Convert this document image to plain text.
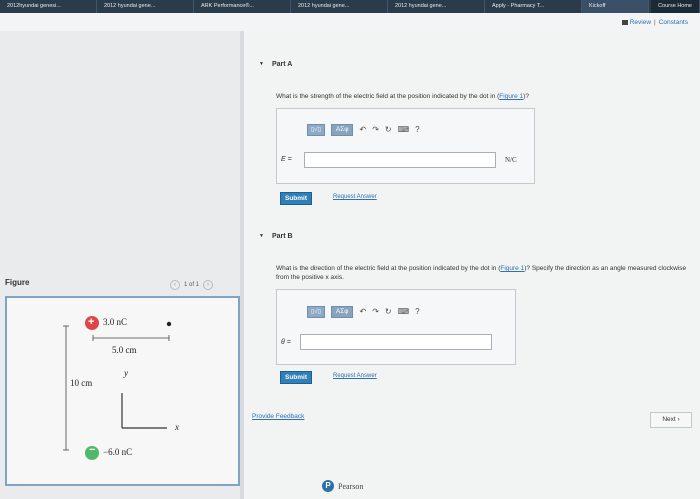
2012hyundai genesi...	2012 hyundai gene...	ARK Performance®...	2012 hyundai gene...	2012 hyundai gene...	Apply - Pharmacy T...	Kickoff	Course Home
Review | Constants
Figure	‹	1 of 1	›
+ 3.0 nC
5.0 cm
10 cm
y
x
− −6.0 nC
▼ Part A
What is the strength of the electric field at the position indicated by the dot in (Figure 1)?
▯√▯	ΑΣφ	↶ ↷ ↻ ⌨ ?
E =	N/C
Submit	Request Answer
▼ Part B
What is the direction of the electric field at the position indicated by the dot in (Figure 1)? Specify the direction as an angle measured clockwise from the positive x axis.
▯√▯	ΑΣφ	↶ ↷ ↻ ⌨ ?
θ =
Submit	Request Answer
Provide Feedback	Next ›
P Pearson
